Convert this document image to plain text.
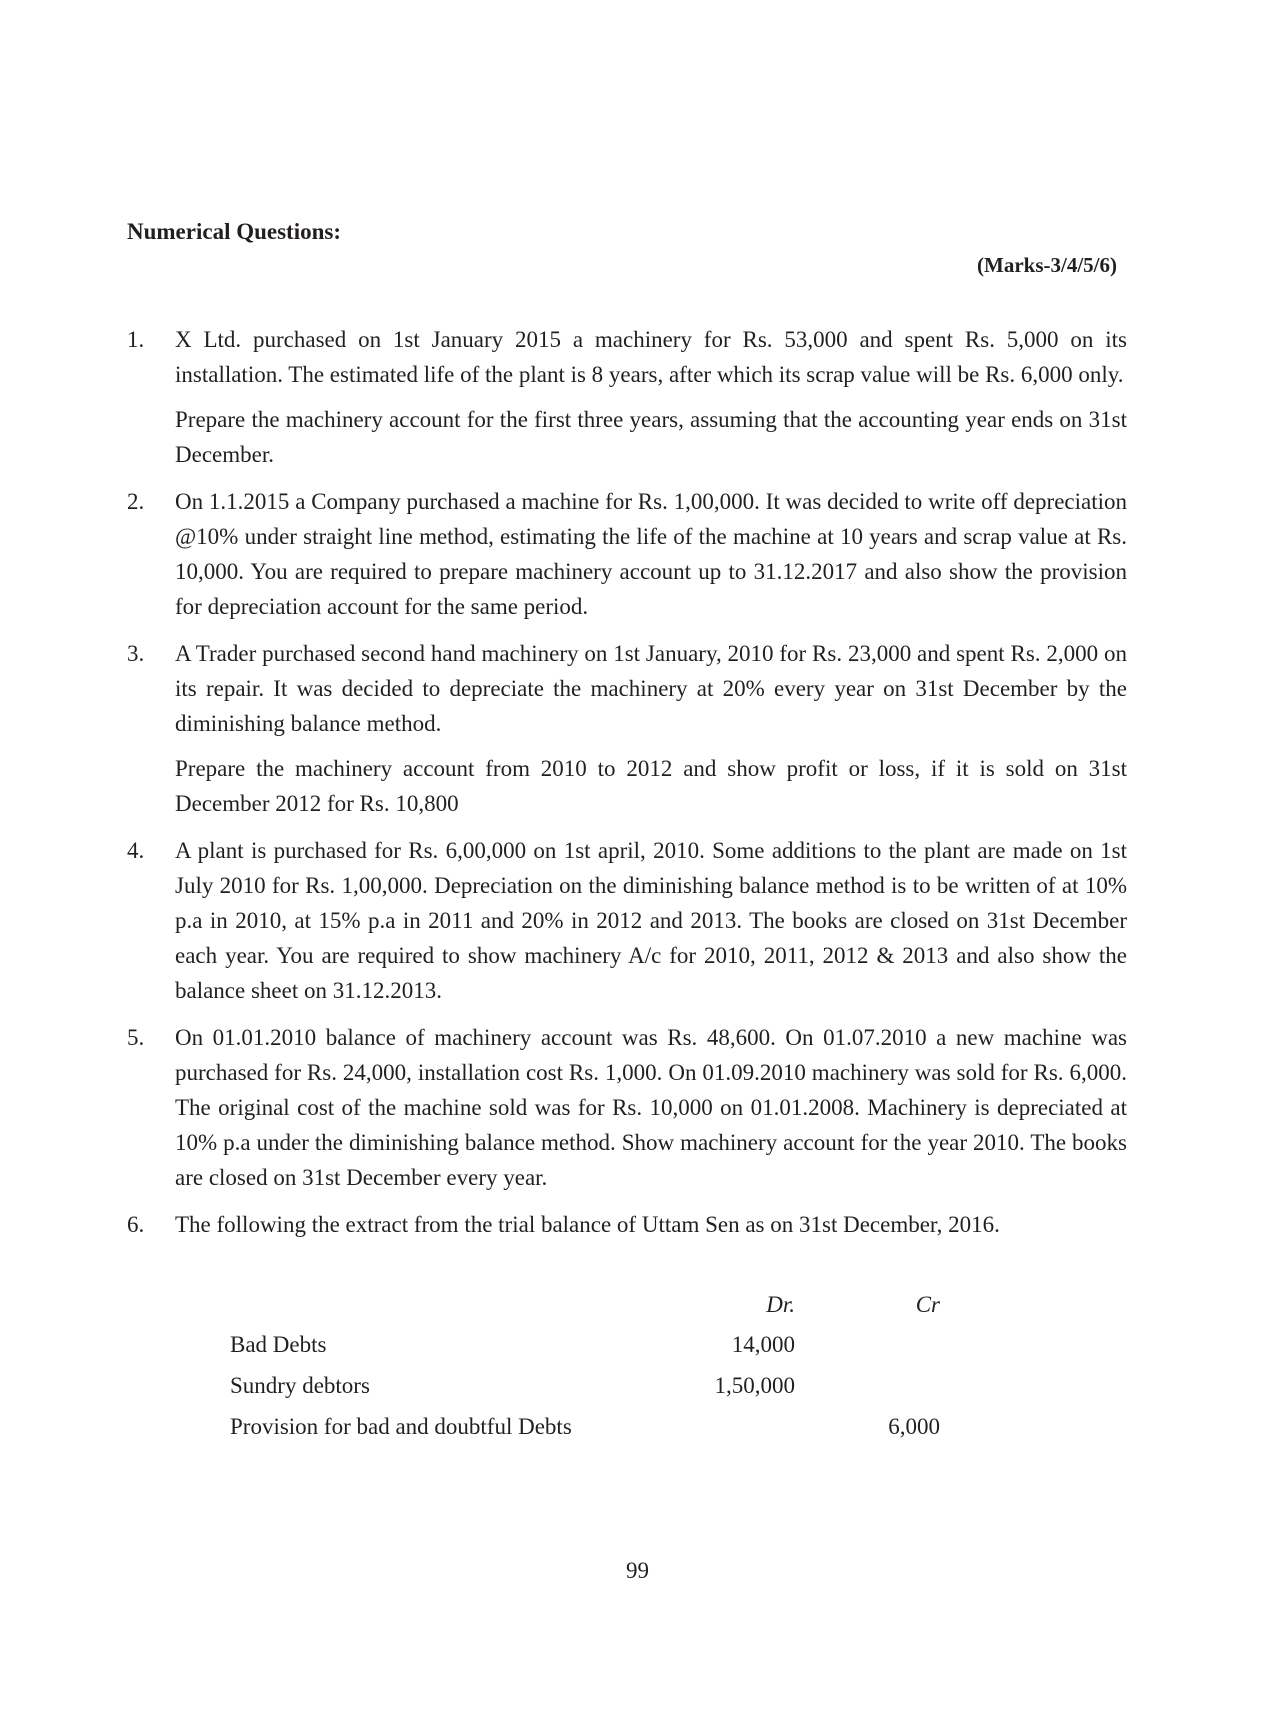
Numerical Questions:
(Marks-3/4/5/6)
1. X Ltd. purchased on 1st January 2015 a machinery for Rs. 53,000 and spent Rs. 5,000 on its installation. The estimated life of the plant is 8 years, after which its scrap value will be Rs. 6,000 only.

Prepare the machinery account for the first three years, assuming that the accounting year ends on 31st December.

2. On 1.1.2015 a Company purchased a machine for Rs. 1,00,000. It was decided to write off depreciation @10% under straight line method, estimating the life of the machine at 10 years and scrap value at Rs. 10,000. You are required to prepare machinery account up to 31.12.2017 and also show the provision for depreciation account for the same period.

3. A Trader purchased second hand machinery on 1st January, 2010 for Rs. 23,000 and spent Rs. 2,000 on its repair. It was decided to depreciate the machinery at 20% every year on 31st December by the diminishing balance method.

Prepare the machinery account from 2010 to 2012 and show profit or loss, if it is sold on 31st December 2012 for Rs. 10,800

4. A plant is purchased for Rs. 6,00,000 on 1st april, 2010. Some additions to the plant are made on 1st July 2010 for Rs. 1,00,000. Depreciation on the diminishing balance method is to be written of at 10% p.a in 2010, at 15% p.a in 2011 and 20% in 2012 and 2013. The books are closed on 31st December each year. You are required to show machinery A/c for 2010, 2011, 2012 & 2013 and also show the balance sheet on 31.12.2013.

5. On 01.01.2010 balance of machinery account was Rs. 48,600. On 01.07.2010 a new machine was purchased for Rs. 24,000, installation cost Rs. 1,000. On 01.09.2010 machinery was sold for Rs. 6,000. The original cost of the machine sold was for Rs. 10,000 on 01.01.2008. Machinery is depreciated at 10% p.a under the diminishing balance method. Show machinery account for the year 2010. The books are closed on 31st December every year.

6. The following the extract from the trial balance of Uttam Sen as on 31st December, 2016.

	Dr.	Cr
Bad Debts	14,000	
Sundry debtors	1,50,000	
Provision for bad and doubtful Debts		6,000
99
